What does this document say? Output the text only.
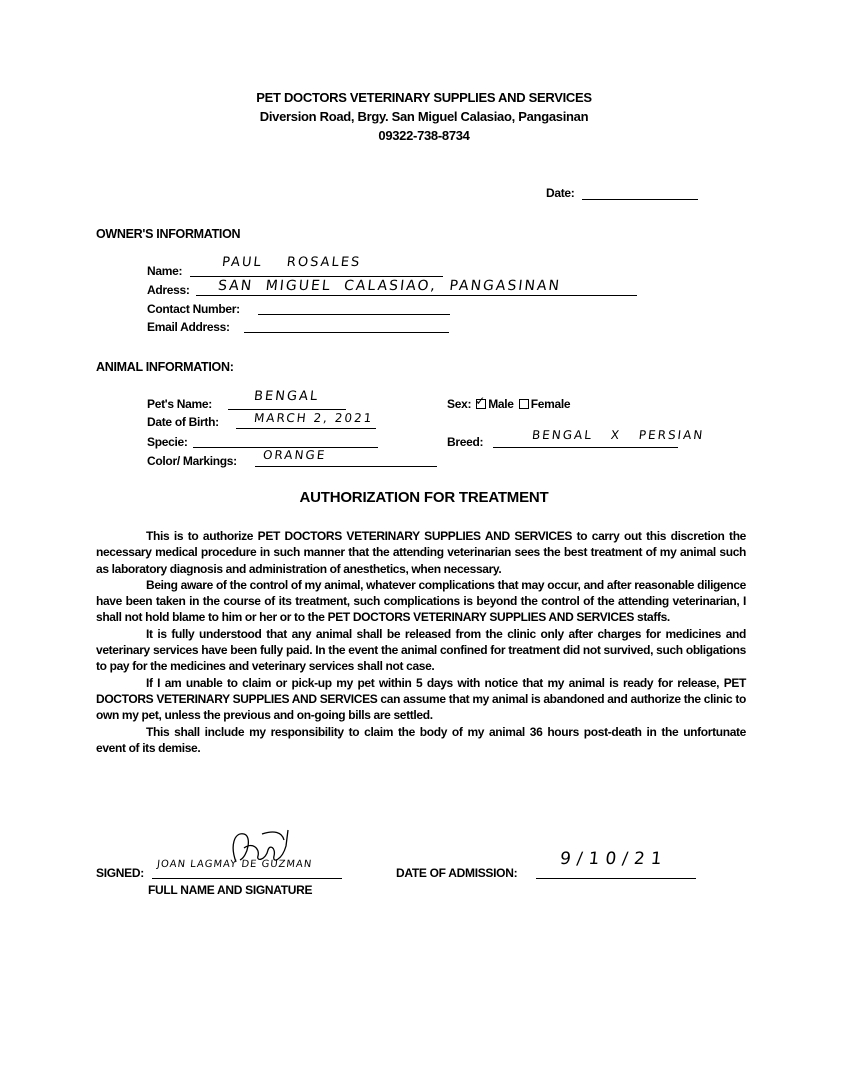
PET DOCTORS VETERINARY SUPPLIES AND SERVICES
Diversion Road, Brgy. San Miguel Calasiao, Pangasinan
09322-738-8734
Date:
OWNER'S INFORMATION
Name:
PAUL ROSALES
Adress: SAN MIGUEL CALASIAO, PANGASINAN
Contact Number:
Email Address:
ANIMAL INFORMATION:
Pet's Name:	BENGAL
Date of Birth:	MARCH 2, 2021
Specie:
Color/ Markings: ORANGE
Sex: ✓ Male Female
Breed:	BENGAL X PERSIAN
AUTHORIZATION FOR TREATMENT

This is to authorize PET DOCTORS VETERINARY SUPPLIES AND SERVICES to carry out this discretion the necessary medical procedure in such manner that the attending veterinarian sees the best treatment of my animal such as laboratory diagnosis and administration of anesthetics, when necessary.

Being aware of the control of my animal, whatever complications that may occur, and after reasonable diligence have been taken in the course of its treatment, such complications is beyond the control of the attending veterinarian, I shall not hold blame to him or her or to the PET DOCTORS VETERINARY SUPPLIES AND SERVICES staffs.

It is fully understood that any animal shall be released from the clinic only after charges for medicines and veterinary services have been fully paid. In the event the animal confined for treatment did not survived, such obligations to pay for the medicines and veterinary services shall not case.

If I am unable to claim or pick-up my pet within 5 days with notice that my animal is ready for release, PET DOCTORS VETERINARY SUPPLIES AND SERVICES can assume that my animal is abandoned and authorize the clinic to own my pet, unless the previous and on-going bills are settled.

This shall include my responsibility to claim the body of my animal 36 hours post-death in the unfortunate event of its demise.

SIGNED:
JOAN LAGMAY DE GUZMAN
FULL NAME AND SIGNATURE
DATE OF ADMISSION:
9/10/21
